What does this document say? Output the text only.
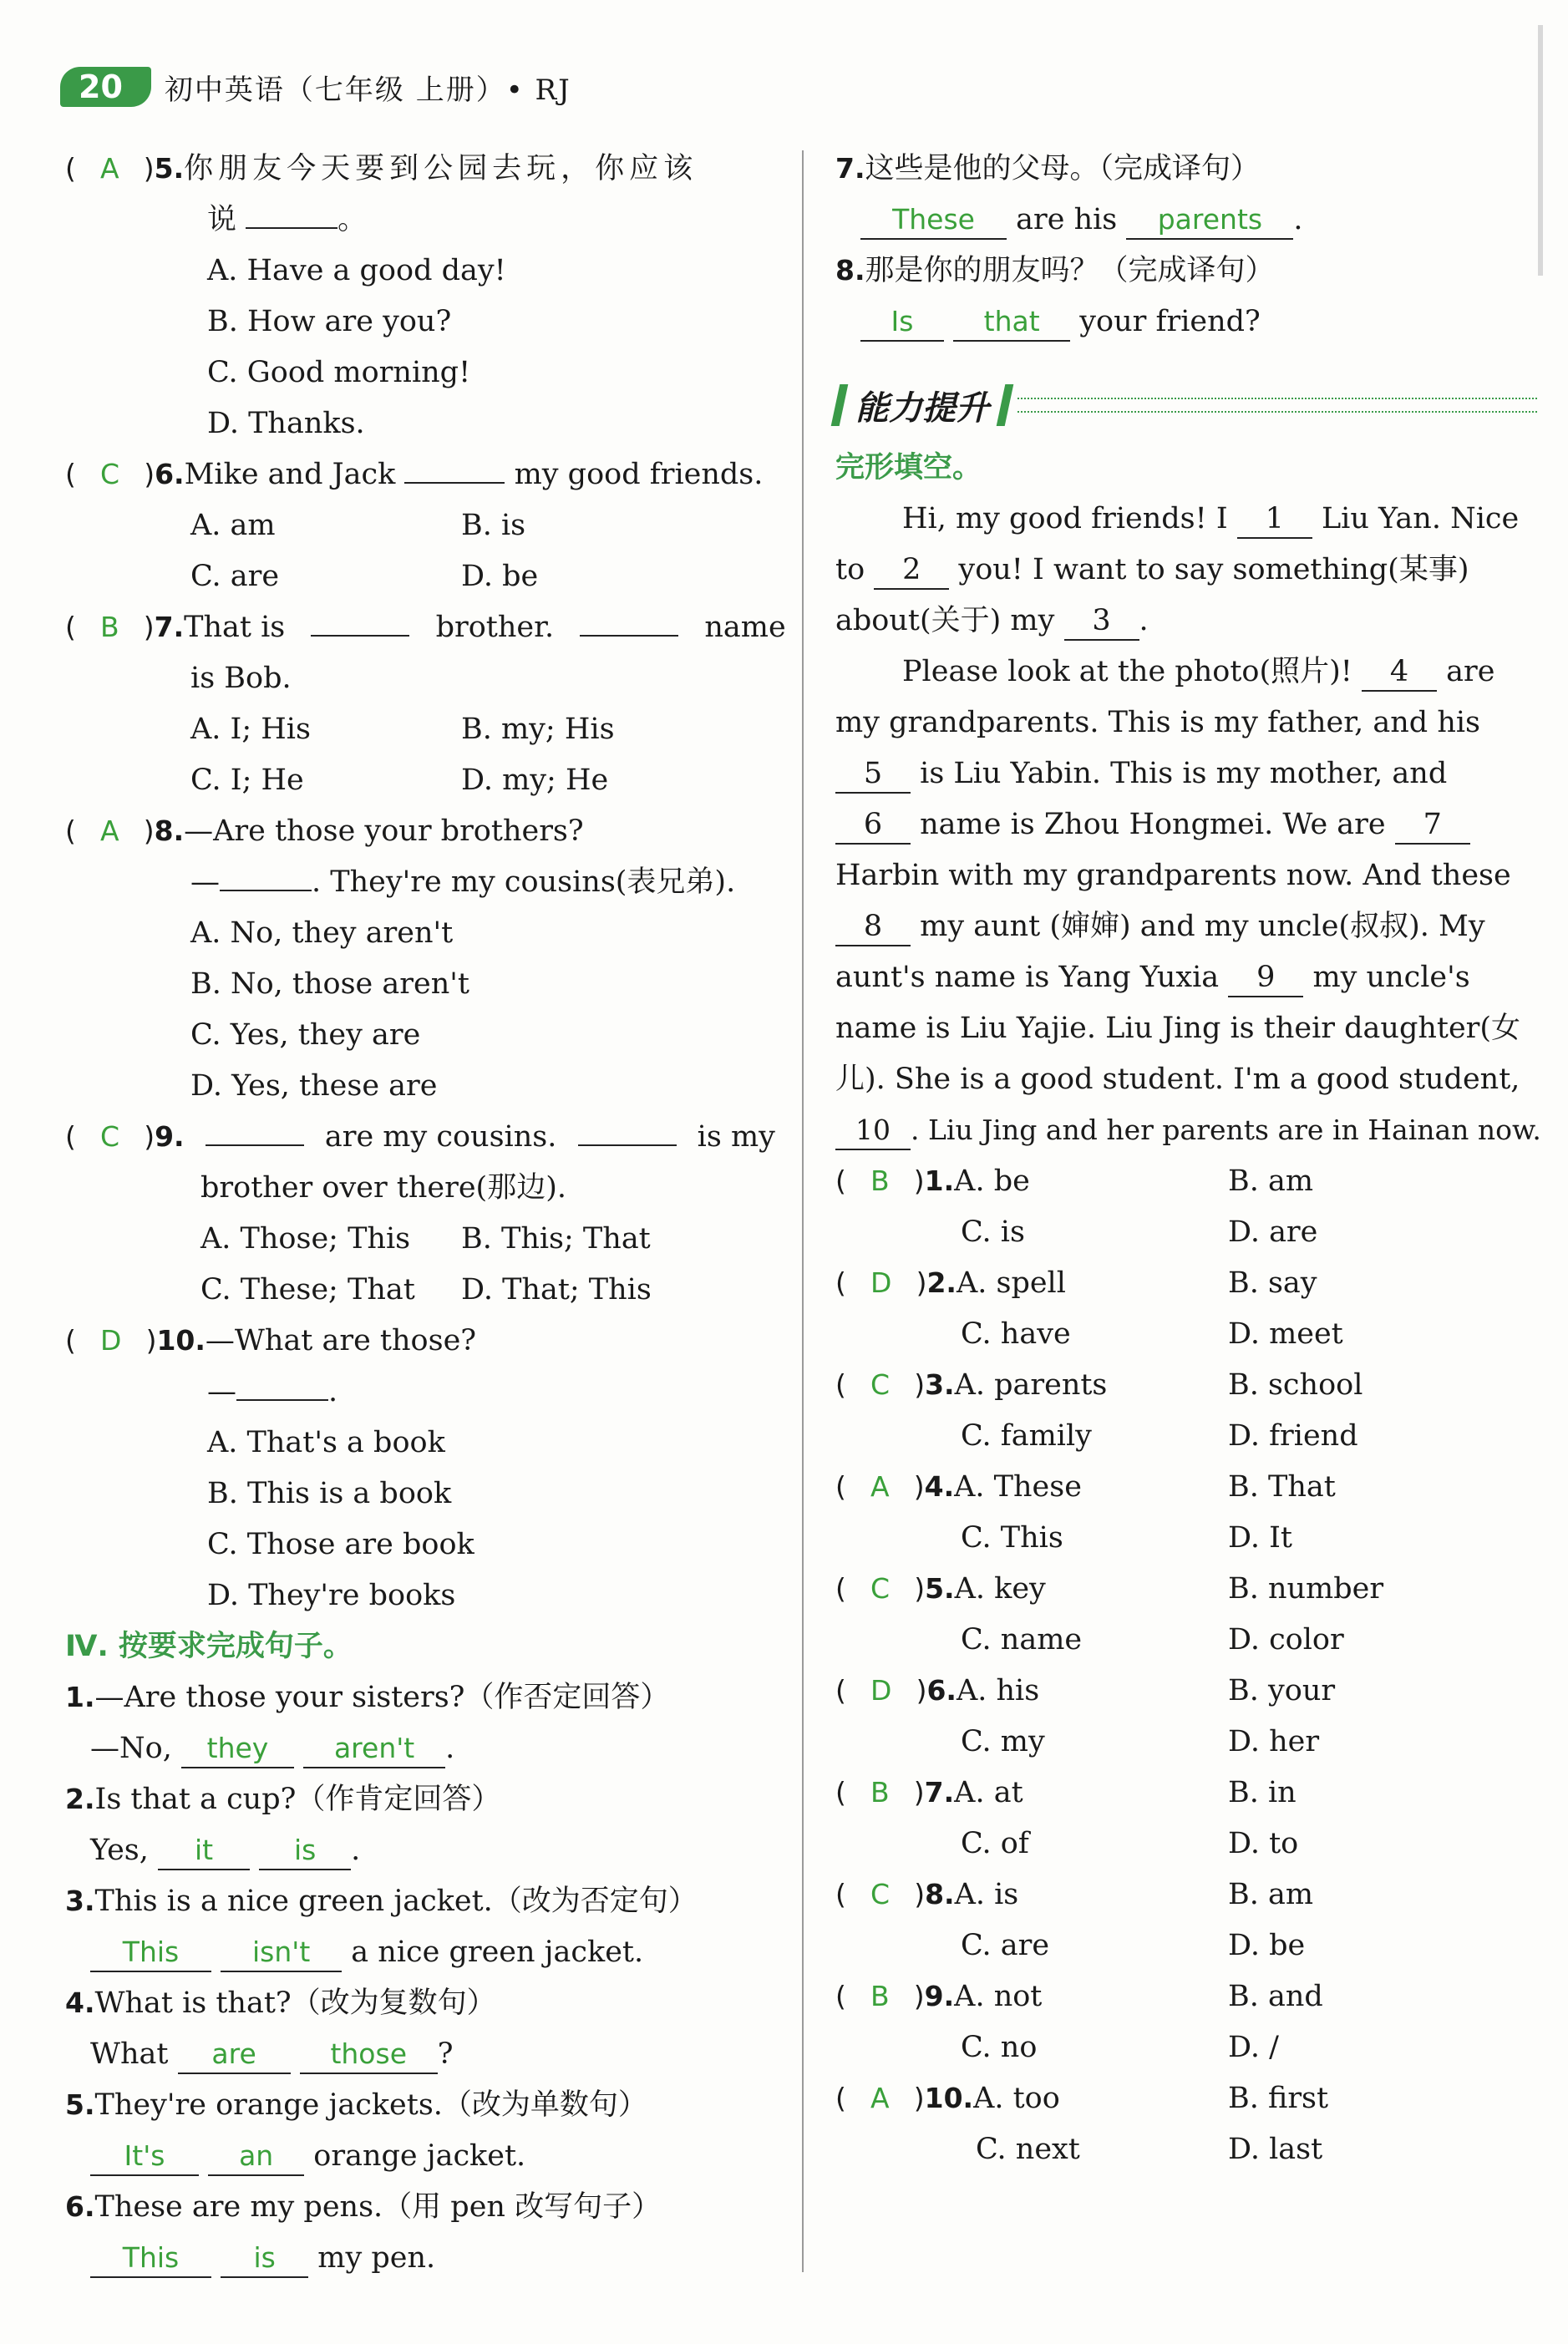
20	初中英语（七年级 上册）• RJ
( A )5.你朋友今天要到公园去玩，你应该
说	。
A. Have a good day!
B. How are you?
C. Good morning!
D. Thanks.
( C )6.Mike and Jack	my good friends.
A. am	B. is
C. are	D. be
( B )7.That is	brother.	name
is Bob.
A. I; His	B. my; His
C. I; He	D. my; He
( A )8.—Are those your brothers?
—	. They're my cousins(表兄弟).
A. No, they aren't
B. No, those aren't
C. Yes, they are
D. Yes, these are
( C )9.	are my cousins.	is my
brother over there(那边).
A. Those; This B. This; That
C. These; That D. That; This
( D )10.—What are those?
—	.
A. That's a book
B. This is a book
C. Those are book
D. They're books
Ⅳ. 按要求完成句子。
1.—Are those your sisters?（作否定回答）
—No, they aren't .
2.Is that a cup?（作肯定回答）
Yes, it	is .
3.This is a nice green jacket.（改为否定句）
This	isn't a nice green jacket.
4.What is that?（改为复数句）
What are	those ?
5.They're orange jackets.（改为单数句）
It's	an orange jacket.
6.These are my pens.（用 pen 改写句子）
This	is my pen.
7.这些是他的父母。（完成译句）
These are his parents .
8.那是你的朋友吗？（完成译句）
Is	that your friend?
能力提升
完形填空。
Hi, my good friends! I 1 Liu Yan. Nice
to 2 you! I want to say something(某事)
about(关于) my 3 .
Please look at the photo(照片)! 4 are
my grandparents. This is my father, and his
5 is Liu Yabin. This is my mother, and
6 name is Zhou Hongmei. We are 7
Harbin with my grandparents now. And these
8 my aunt (婶婶) and my uncle(叔叔). My
aunt's name is Yang Yuxia 9 my uncle's
name is Liu Yajie. Liu Jing is their daughter(女
儿). She is a good student. I'm a good student,
10 . Liu Jing and her parents are in Hainan now.
( B )1.A. be	B. am
C. is	D. are
( D )2.A. spell	B. say
C. have	D. meet
( C )3.A. parents	B. school
C. family	D. friend
( A )4.A. These	B. That
C. This	D. It
( C )5.A. key	B. number
C. name	D. color
( D )6.A. his	B. your
C. my	D. her
( B )7.A. at	B. in
C. of	D. to
( C )8.A. is	B. am
C. are	D. be
( B )9.A. not	B. and
C. no	D. /
( A )10.A. too	B. first
C. next	D. last
